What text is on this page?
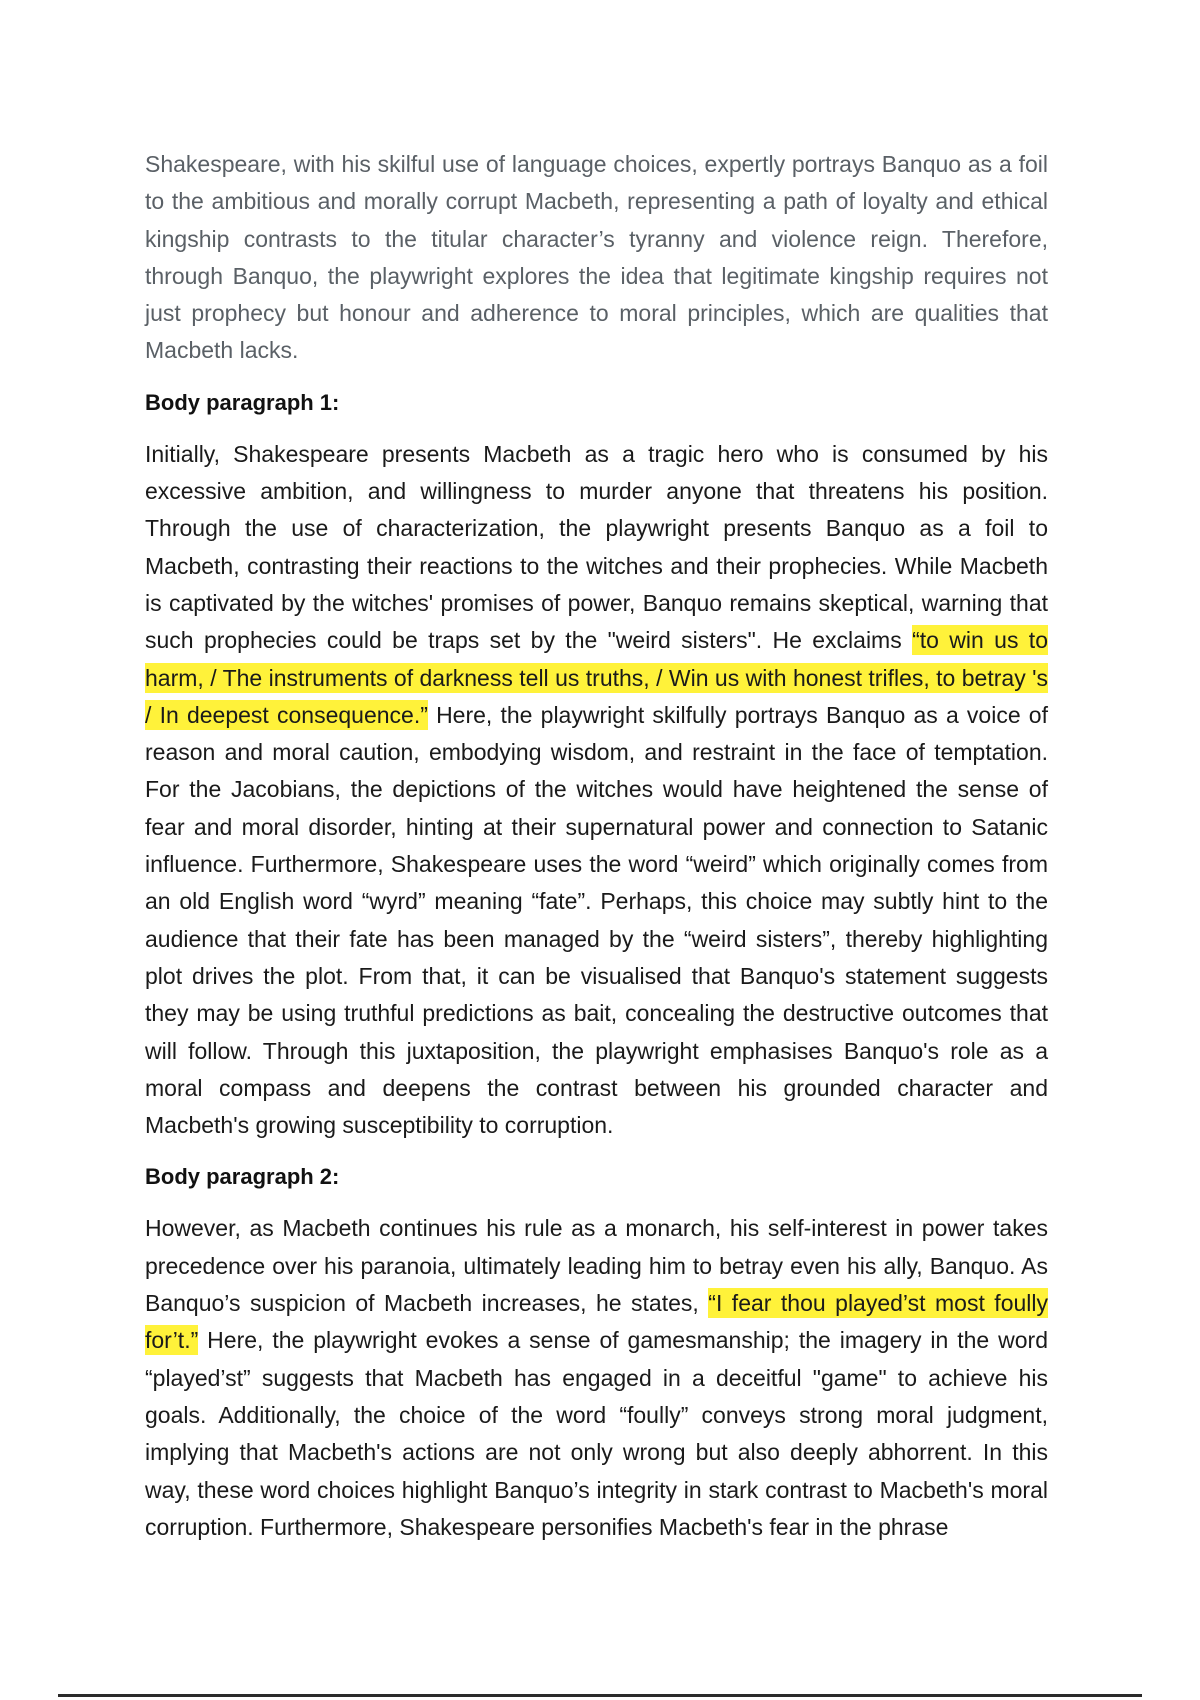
Shakespeare, with his skilful use of language choices, expertly portrays Banquo as a foil to the ambitious and morally corrupt Macbeth, representing a path of loyalty and ethical kingship contrasts to the titular character’s tyranny and violence reign. Therefore, through Banquo, the playwright explores the idea that legitimate kingship requires not just prophecy but honour and adherence to moral principles, which are qualities that Macbeth lacks.

Body paragraph 1:

Initially, Shakespeare presents Macbeth as a tragic hero who is consumed by his excessive ambition, and willingness to murder anyone that threatens his position. Through the use of characterization, the playwright presents Banquo as a foil to Macbeth, contrasting their reactions to the witches and their prophecies. While Macbeth is captivated by the witches' promises of power, Banquo remains skeptical, warning that such prophecies could be traps set by the "weird sisters". He exclaims “to win us to harm, / The instruments of darkness tell us truths, / Win us with honest trifles, to betray 's / In deepest consequence.” Here, the playwright skilfully portrays Banquo as a voice of reason and moral caution, embodying wisdom, and restraint in the face of temptation. For the Jacobians, the depictions of the witches would have heightened the sense of fear and moral disorder, hinting at their supernatural power and connection to Satanic influence. Furthermore, Shakespeare uses the word “weird” which originally comes from an old English word “wyrd” meaning “fate”. Perhaps, this choice may subtly hint to the audience that their fate has been managed by the “weird sisters”, thereby highlighting plot drives the plot. From that, it can be visualised that Banquo's statement suggests they may be using truthful predictions as bait, concealing the destructive outcomes that will follow. Through this juxtaposition, the playwright emphasises Banquo's role as a moral compass and deepens the contrast between his grounded character and Macbeth's growing susceptibility to corruption.

Body paragraph 2:

However, as Macbeth continues his rule as a monarch, his self-interest in power takes precedence over his paranoia, ultimately leading him to betray even his ally, Banquo. As Banquo’s suspicion of Macbeth increases, he states, “I fear thou played’st most foully for’t.” Here, the playwright evokes a sense of gamesmanship; the imagery in the word “played’st” suggests that Macbeth has engaged in a deceitful "game" to achieve his goals. Additionally, the choice of the word “foully” conveys strong moral judgment, implying that Macbeth's actions are not only wrong but also deeply abhorrent. In this way, these word choices highlight Banquo’s integrity in stark contrast to Macbeth's moral corruption. Furthermore, Shakespeare personifies Macbeth's fear in the phrase
